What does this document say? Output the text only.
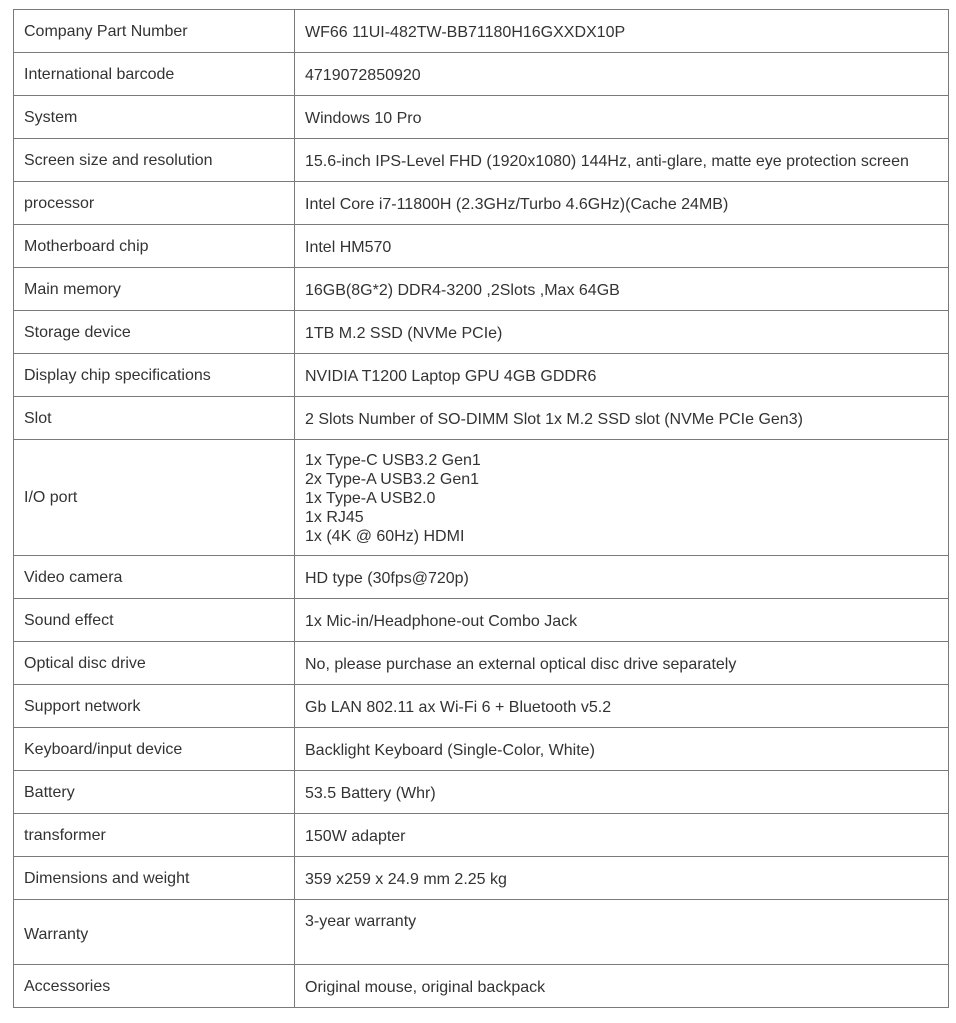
Company Part Number	WF66 11UI-482TW-BB71180H16GXXDX10P
International barcode	4719072850920
System	Windows 10 Pro
Screen size and resolution	15.6-inch IPS-Level FHD (1920x1080) 144Hz, anti-glare, matte eye protection screen
processor	Intel Core i7-11800H (2.3GHz/Turbo 4.6GHz)(Cache 24MB)
Motherboard chip	Intel HM570
Main memory	16GB(8G*2) DDR4-3200 ,2Slots ,Max 64GB
Storage device	1TB M.2 SSD (NVMe PCIe)
Display chip specifications	NVIDIA T1200 Laptop GPU 4GB GDDR6
Slot	2 Slots Number of SO-DIMM Slot 1x M.2 SSD slot (NVMe PCIe Gen3)
I/O port	1x Type-C USB3.2 Gen1
2x Type-A USB3.2 Gen1
1x Type-A USB2.0
1x RJ45
1x (4K @ 60Hz) HDMI
Video camera	HD type (30fps@720p)
Sound effect	1x Mic-in/Headphone-out Combo Jack
Optical disc drive	No, please purchase an external optical disc drive separately
Support network	Gb LAN 802.11 ax Wi-Fi 6 + Bluetooth v5.2
Keyboard/input device	Backlight Keyboard (Single-Color, White)
Battery	53.5 Battery (Whr)
transformer	150W adapter
Dimensions and weight	359 x259 x 24.9 mm 2.25 kg
Warranty	3-year warranty
Accessories	Original mouse, original backpack
